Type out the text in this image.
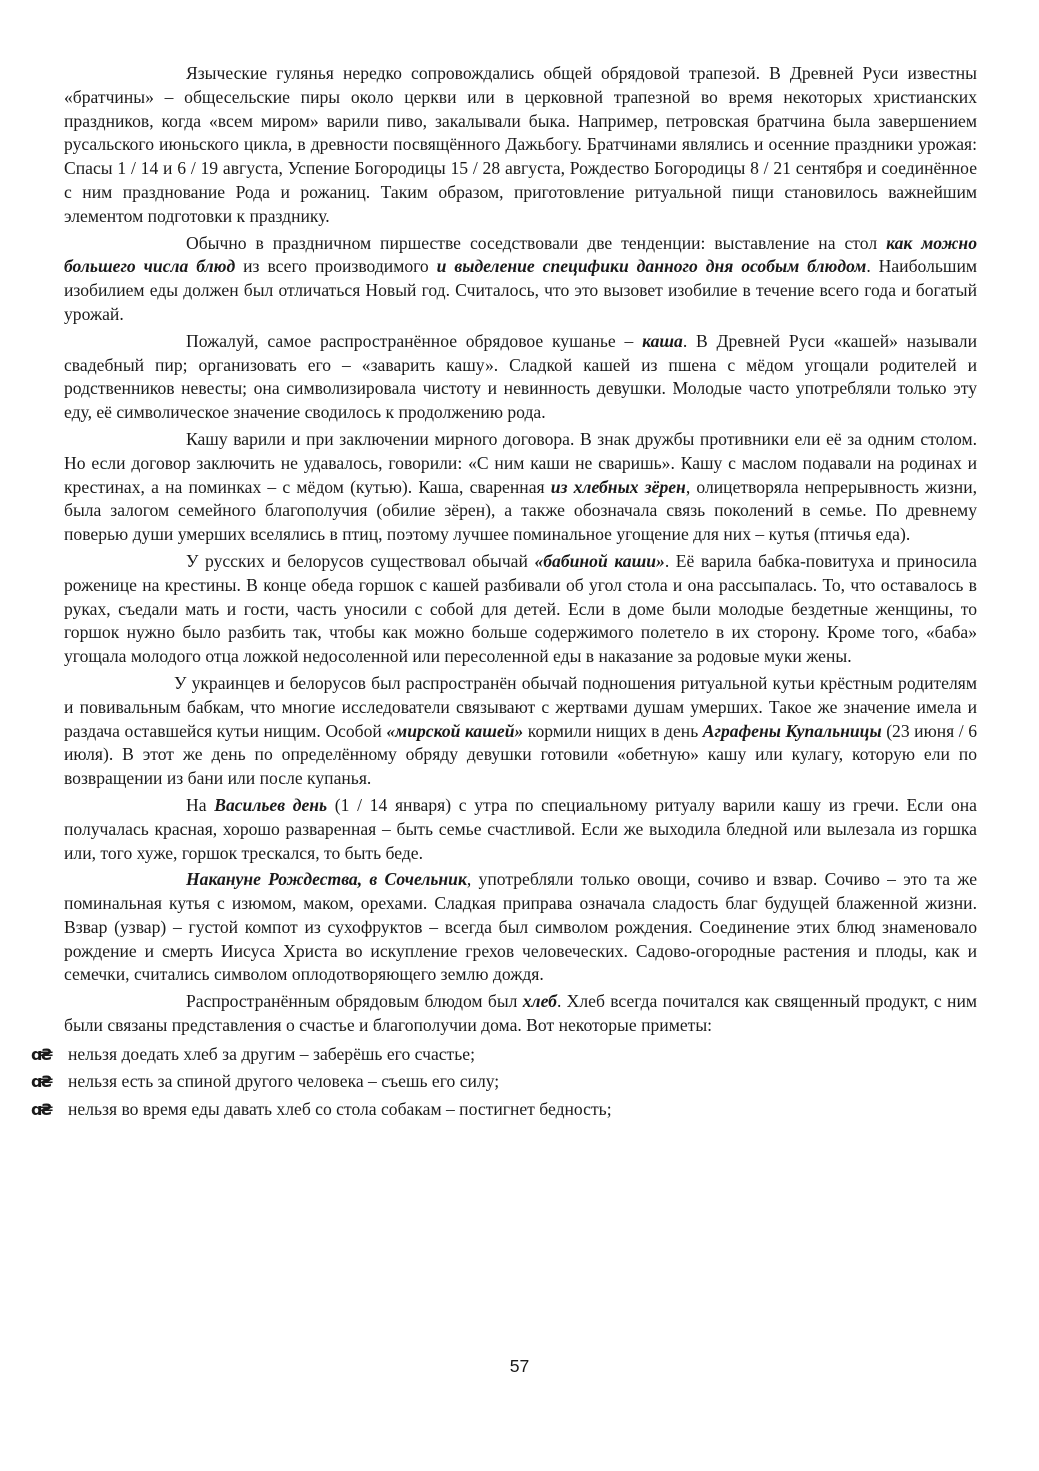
Языческие гулянья нередко сопровождались общей обрядовой трапезой. В Древней Руси известны «братчины» – общесельские пиры около церкви или в церковной трапезной во время некоторых христианских праздников, когда «всем миром» варили пиво, закалывали быка. Например, петровская братчина была завершением русальского июньского цикла, в древности посвящённого Дажьбогу. Братчинами являлись и осенние праздники урожая: Спасы 1 / 14 и 6 / 19 августа, Успение Богородицы 15 / 28 августа, Рождество Богородицы 8 / 21 сентября и соединённое с ним празднование Рода и рожаниц. Таким образом, приготовление ритуальной пищи становилось важнейшим элементом подготовки к празднику.

Обычно в праздничном пиршестве соседствовали две тенденции: выставление на стол как можно большего числа блюд из всего производимого и выделение специфики данного дня особым блюдом. Наибольшим изобилием еды должен был отличаться Новый год. Считалось, что это вызовет изобилие в течение всего года и богатый урожай.

Пожалуй, самое распространённое обрядовое кушанье – каша. В Древней Руси «кашей» называли свадебный пир; организовать его – «заварить кашу». Сладкой кашей из пшена с мёдом угощали родителей и родственников невесты; она символизировала чистоту и невинность девушки. Молодые часто употребляли только эту еду, её символическое значение сводилось к продолжению рода.

Кашу варили и при заключении мирного договора. В знак дружбы противники ели её за одним столом. Но если договор заключить не удавалось, говорили: «С ним каши не сваришь». Кашу с маслом подавали на родинах и крестинах, а на поминках – с мёдом (кутью). Каша, сваренная из хлебных зёрен, олицетворяла непрерывность жизни, была залогом семейного благополучия (обилие зёрен), а также обозначала связь поколений в семье. По древнему поверью души умерших вселялись в птиц, поэтому лучшее поминальное угощение для них – кутья (птичья еда).

У русских и белорусов существовал обычай «бабиной каши». Её варила бабка-повитуха и приносила роженице на крестины. В конце обеда горшок с кашей разбивали об угол стола и она рассыпалась. То, что оставалось в руках, съедали мать и гости, часть уносили с собой для детей. Если в доме были молодые бездетные женщины, то горшок нужно было разбить так, чтобы как можно больше содержимого полетело в их сторону. Кроме того, «баба» угощала молодого отца ложкой недосоленной или пересоленной еды в наказание за родовые муки жены.

У украинцев и белорусов был распространён обычай подношения ритуальной кутьи крёстным родителям и повивальным бабкам, что многие исследователи связывают с жертвами душам умерших. Такое же значение имела и раздача оставшейся кутьи нищим. Особой «мирской кашей» кормили нищих в день Аграфены Купальницы (23 июня / 6 июля). В этот же день по определённому обряду девушки готовили «обетную» кашу или кулагу, которую ели по возвращении из бани или после купанья.

На Васильев день (1 / 14 января) с утра по специальному ритуалу варили кашу из гречи. Если она получалась красная, хорошо разваренная – быть семье счастливой. Если же выходила бледной или вылезала из горшка или, того хуже, горшок трескался, то быть беде.

Накануне Рождества, в Сочельник, употребляли только овощи, сочиво и взвар. Сочиво – это та же поминальная кутья с изюмом, маком, орехами. Сладкая приправа означала сладость благ будущей блаженной жизни. Взвар (узвар) – густой компот из сухофруктов – всегда был символом рождения. Соединение этих блюд знаменовало рождение и смерть Иисуса Христа во искупление грехов человеческих. Садово-огородные растения и плоды, как и семечки, считались символом оплодотворяющего землю дождя.

Распространённым обрядовым блюдом был хлеб. Хлеб всегда почитался как священный продукт, с ним были связаны представления о счастье и благополучии дома. Вот некоторые приметы:

ɑ₴ нельзя доедать хлеб за другим – заберёшь его счастье;
ɑ₴ нельзя есть за спиной другого человека – съешь его силу;
ɑ₴ нельзя во время еды давать хлеб со стола собакам – постигнет бедность;
57
